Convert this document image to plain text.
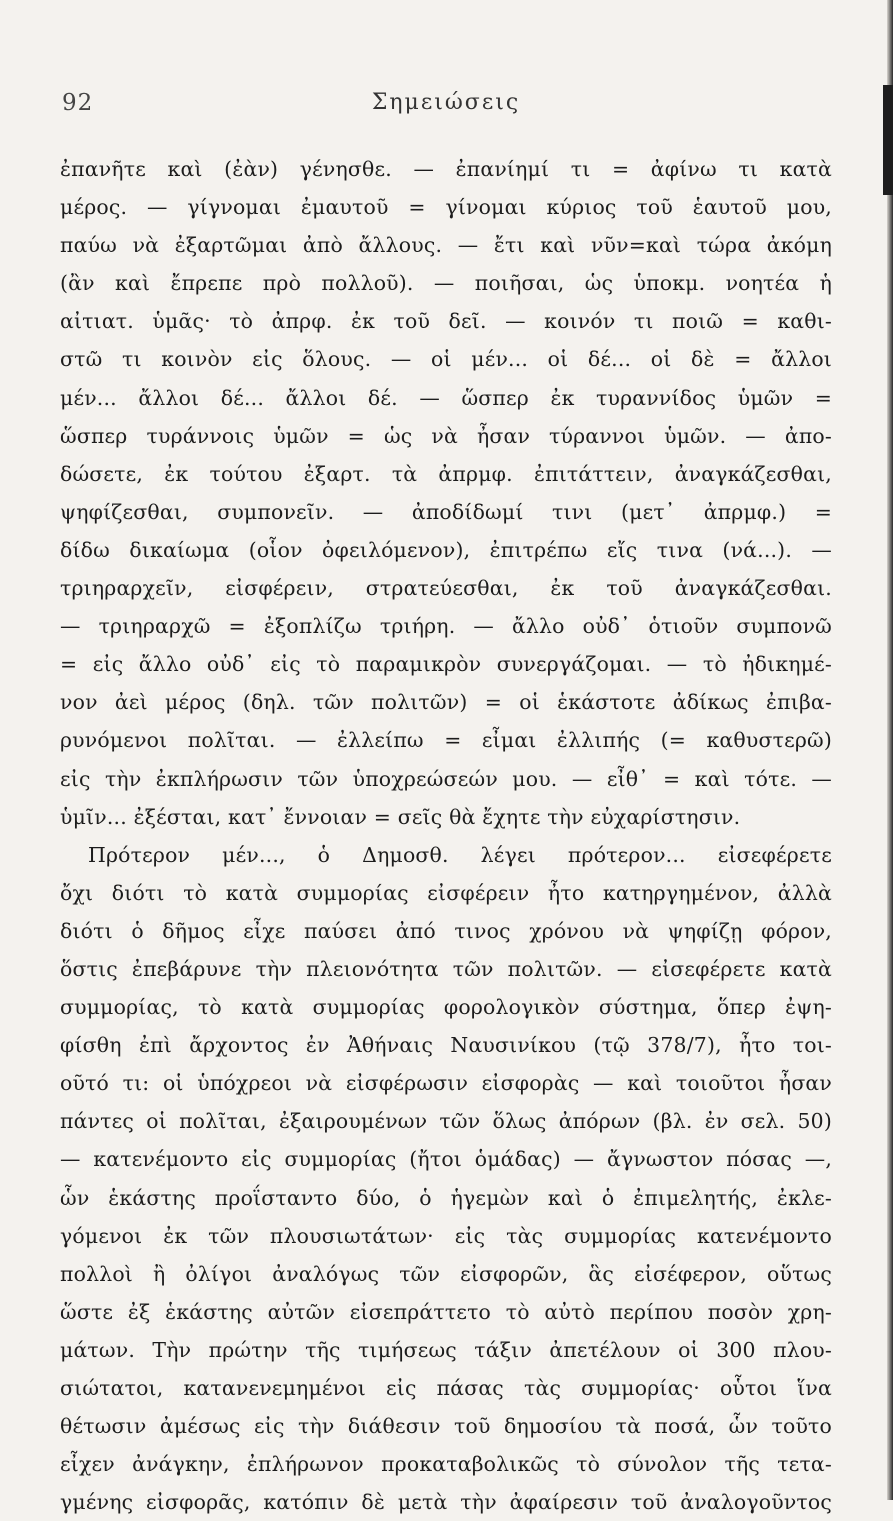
92	Σημειώσεις
ἐπανῆτε καὶ (ἐὰν) γένησθε. — ἐπανίημί τι = ἀφίνω τι κατὰ
μέρος. — γίγνομαι ἐμαυτοῦ = γίνομαι κύριος τοῦ ἑαυτοῦ μου,
παύω νὰ ἐξαρτῶμαι ἀπὸ ἄλλους. — ἔτι καὶ νῦν=καὶ τώρα ἀκόμη
(ἂν καὶ ἔπρεπε πρὸ πολλοῦ). — ποιῆσαι, ὡς ὑποκμ. νοητέα ἡ
αἰτιατ. ὑμᾶς· τὸ ἀπρφ. ἐκ τοῦ δεῖ. — κοινόν τι ποιῶ = καθι-
στῶ τι κοινὸν εἰς ὅλους. — οἱ μέν... οἱ δέ... οἱ δὲ = ἄλλοι
μέν... ἄλλοι δέ... ἄλλοι δέ. — ὥσπερ ἐκ τυραννίδος ὑμῶν =
ὥσπερ τυράννοις ὑμῶν = ὡς νὰ ἦσαν τύραννοι ὑμῶν. — ἀπο-
δώσετε, ἐκ τούτου ἐξαρτ. τὰ ἀπρμφ. ἐπιτάττειν, ἀναγκάζεσθαι,
ψηφίζεσθαι, συμπονεῖν. — ἀποδίδωμί τινι (μετ᾽ ἀπρμφ.) =
δίδω δικαίωμα (οἷον ὀφειλόμενον), ἐπιτρέπω εἴς τινα (νά...). —
τριηραρχεῖν, εἰσφέρειν, στρατεύεσθαι, ἐκ τοῦ ἀναγκάζεσθαι.
— τριηραρχῶ = ἐξοπλίζω τριήρη. — ἄλλο οὐδ᾽ ὁτιοῦν συμπονῶ
= εἰς ἄλλο οὐδ᾽ εἰς τὸ παραμικρὸν συνεργάζομαι. — τὸ ἠδικημέ-
νον ἀεὶ μέρος (δηλ. τῶν πολιτῶν) = οἱ ἑκάστοτε ἀδίκως ἐπιβα-
ρυνόμενοι πολῖται. — ἐλλείπω = εἶμαι ἐλλιπής (= καθυστερῶ)
εἰς τὴν ἐκπλήρωσιν τῶν ὑποχρεώσεών μου. — εἶθ᾽ = καὶ τότε. —
ὑμῖν... ἐξέσται, κατ᾽ ἔννοιαν = σεῖς θὰ ἔχητε τὴν εὐχαρίστησιν.
Πρότερον μέν..., ὁ Δημοσθ. λέγει πρότερον... εἰσεφέρετε
ὄχι διότι τὸ κατὰ συμμορίας εἰσφέρειν ἦτο κατηργημένον, ἀλλὰ
διότι ὁ δῆμος εἶχε παύσει ἀπό τινος χρόνου νὰ ψηφίζῃ φόρον,
ὅστις ἐπεβάρυνε τὴν πλειονότητα τῶν πολιτῶν. — εἰσεφέρετε κατὰ
συμμορίας, τὸ κατὰ συμμορίας φορολογικὸν σύστημα, ὅπερ ἐψη-
φίσθη ἐπὶ ἄρχοντος ἐν Ἀθήναις Ναυσινίκου (τῷ 378/7), ἦτο τοι-
οῦτό τι: οἱ ὑπόχρεοι νὰ εἰσφέρωσιν εἰσφορὰς — καὶ τοιοῦτοι ἦσαν
πάντες οἱ πολῖται, ἐξαιρουμένων τῶν ὅλως ἀπόρων (βλ. ἐν σελ. 50)
— κατενέμοντο εἰς συμμορίας (ἤτοι ὁμάδας) — ἄγνωστον πόσας —,
ὧν ἑκάστης προΐσταντο δύο, ὁ ἡγεμὼν καὶ ὁ ἐπιμελητής, ἐκλε-
γόμενοι ἐκ τῶν πλουσιωτάτων· εἰς τὰς συμμορίας κατενέμοντο
πολλοὶ ἢ ὀλίγοι ἀναλόγως τῶν εἰσφορῶν, ἃς εἰσέφερον, οὕτως
ὥστε ἐξ ἑκάστης αὐτῶν εἰσεπράττετο τὸ αὐτὸ περίπου ποσὸν χρη-
μάτων. Τὴν πρώτην τῆς τιμήσεως τάξιν ἀπετέλουν οἱ 300 πλου-
σιώτατοι, κατανενεμημένοι εἰς πάσας τὰς συμμορίας· οὗτοι ἵνα
θέτωσιν ἀμέσως εἰς τὴν διάθεσιν τοῦ δημοσίου τὰ ποσά, ὧν τοῦτο
εἶχεν ἀνάγκην, ἐπλήρωνον προκαταβολικῶς τὸ σύνολον τῆς τετα-
γμένης εἰσφορᾶς, κατόπιν δὲ μετὰ τὴν ἀφαίρεσιν τοῦ ἀναλογοῦντος
